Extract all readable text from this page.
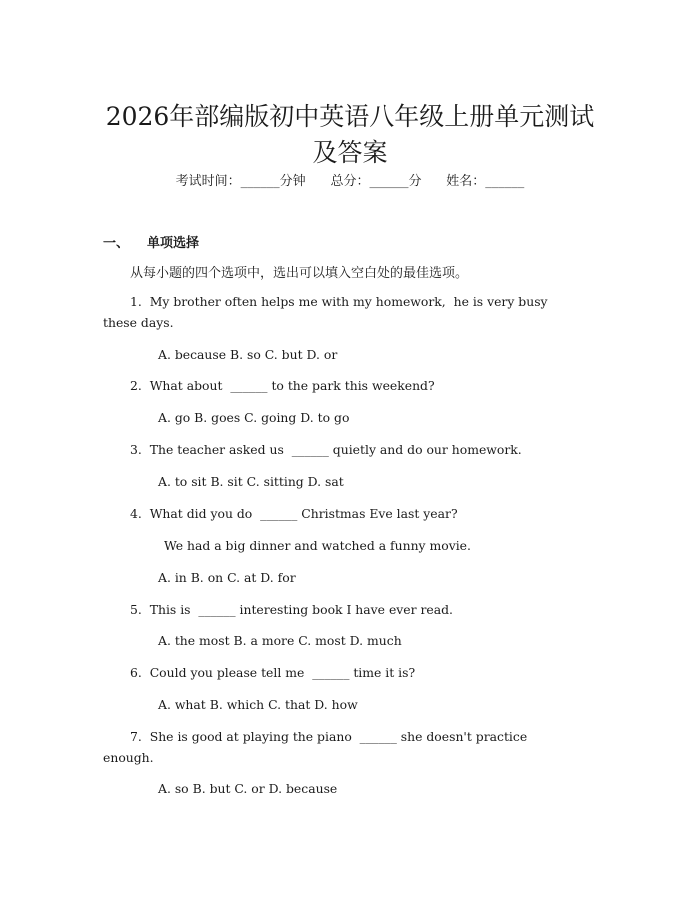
2026年部编版初中英语八年级上册单元测试
及答案
考试时间：______分钟 总分：______分 姓名：______
一、 单项选择
从每小题的四个选项中，选出可以填入空白处的最佳选项。
1.  My brother often helps me with my homework,  he is very busy
these days.
A. because B. so C. but D. or
2.  What about  ______ to the park this weekend?
A. go B. goes C. going D. to go
3.  The teacher asked us  ______ quietly and do our homework.
A. to sit B. sit C. sitting D. sat
4.  What did you do  ______ Christmas Eve last year?
We had a big dinner and watched a funny movie.
A. in B. on C. at D. for
5.  This is  ______ interesting book I have ever read.
A. the most B. a more C. most D. much
6.  Could you please tell me  ______ time it is?
A. what B. which C. that D. how
7.  She is good at playing the piano  ______ she doesn't practice
enough.
A. so B. but C. or D. because
